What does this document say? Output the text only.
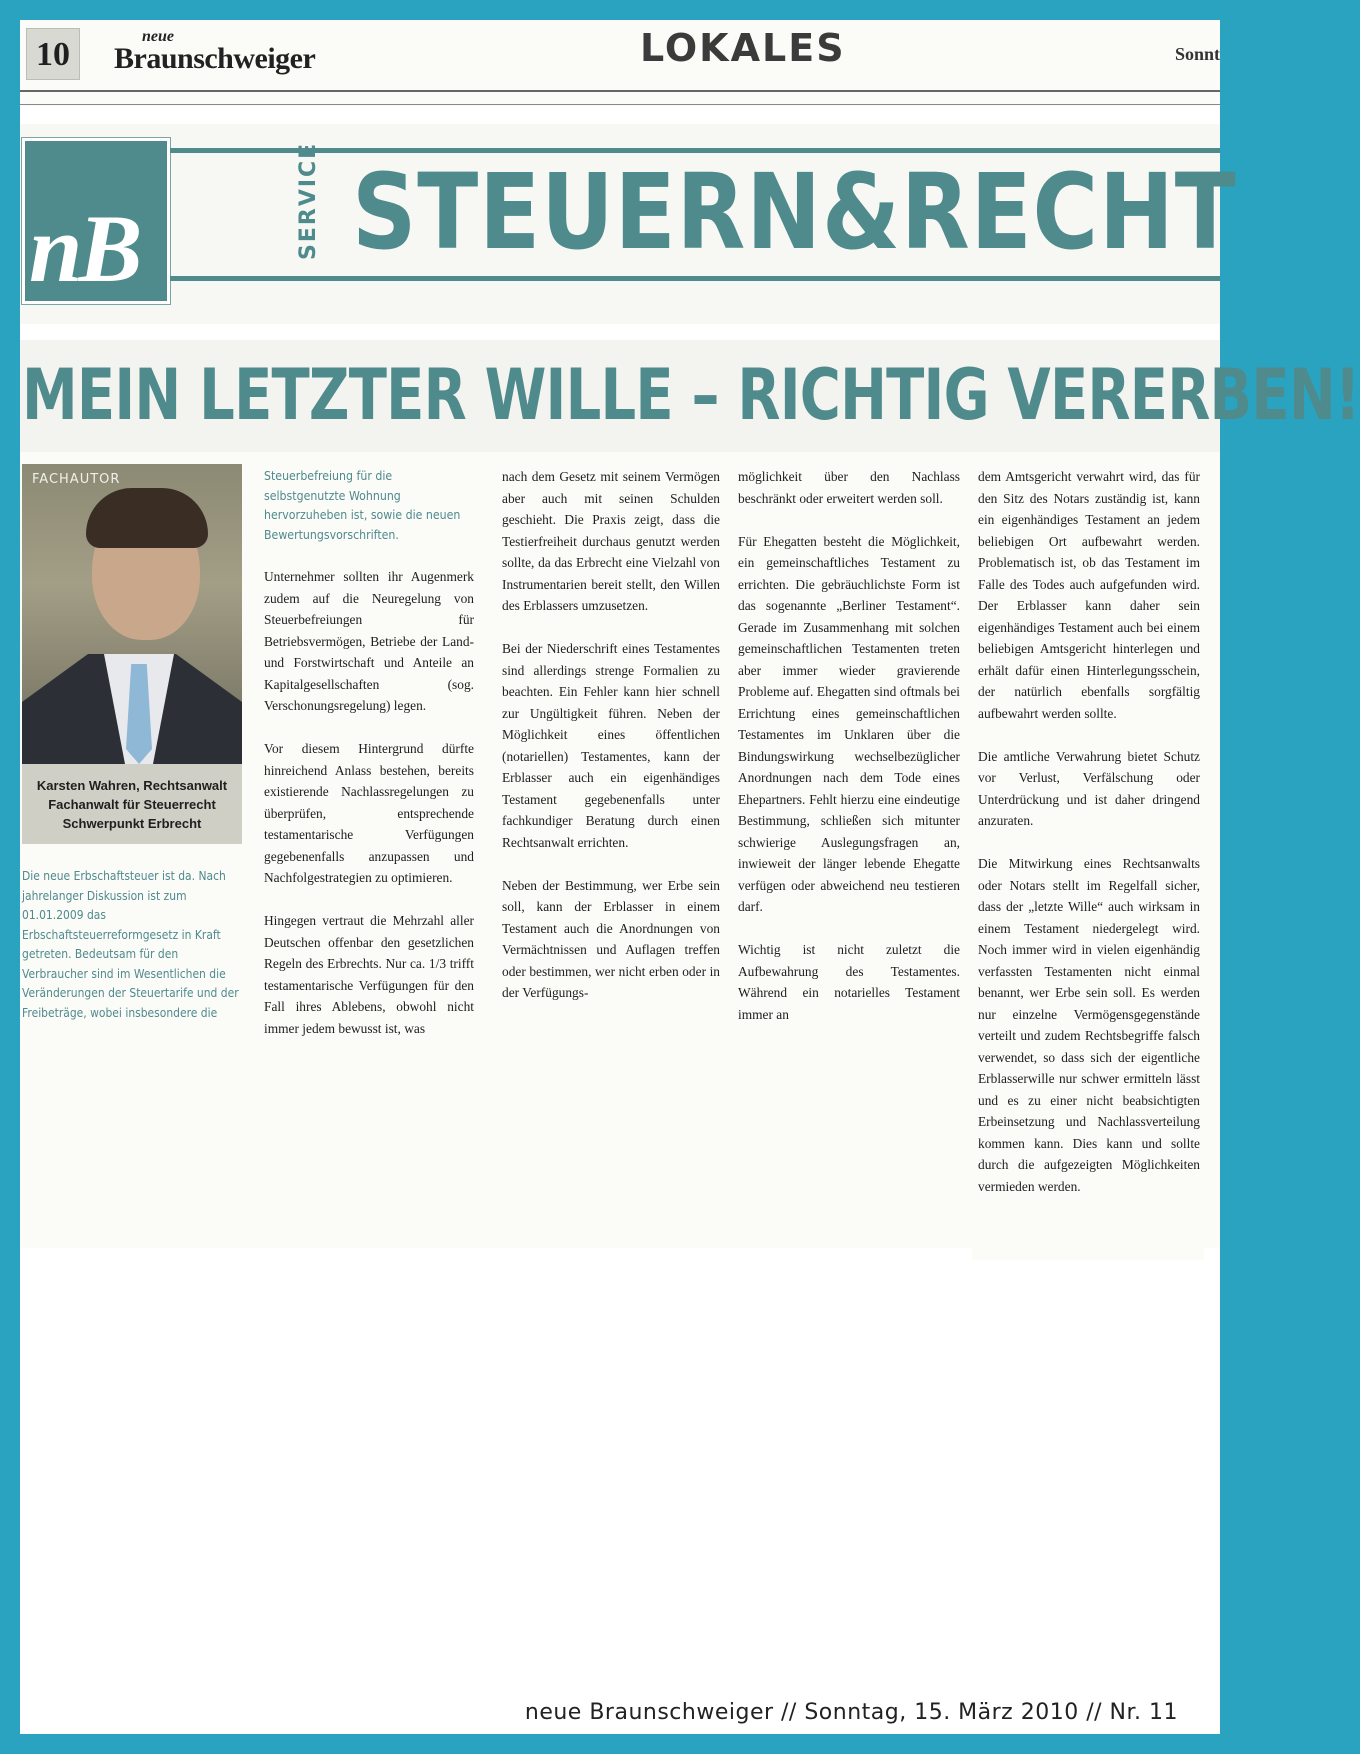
10	neue
Braunschweiger	LOKALES	Sonnt
nB	SERVICE STEUERN&RECHT
MEIN LETZTER WILLE – RICHTIG VERERBEN!
FACHAUTOR
Karsten Wahren, Rechtsanwalt
Fachanwalt für Steuerrecht
Schwerpunkt Erbrecht
Die neue Erbschaftsteuer ist da. Nach jahrelanger Diskussion ist zum 01.01.2009 das Erbschaftsteuerreformgesetz in Kraft getreten. Bedeutsam für den Verbraucher sind im Wesentlichen die Veränderungen der Steuertarife und der Freibeträge, wobei insbesondere die
Steuerbefreiung für die selbstgenutzte Wohnung hervorzuheben ist, sowie die neuen Bewertungsvorschriften.

Unternehmer sollten ihr Augenmerk zudem auf die Neuregelung von Steuerbefreiungen für Betriebsvermögen, Betriebe der Land- und Forstwirtschaft und Anteile an Kapitalgesellschaften (sog. Verschonungsregelung) legen.

Vor diesem Hintergrund dürfte hinreichend Anlass bestehen, bereits existierende Nachlassregelungen zu überprüfen, entsprechende testamentarische Verfügungen gegebenenfalls anzupassen und Nachfolgestrategien zu optimieren.

Hingegen vertraut die Mehrzahl aller Deutschen offenbar den gesetzlichen Regeln des Erbrechts. Nur ca. 1/3 trifft testamentarische Verfügungen für den Fall ihres Ablebens, obwohl nicht immer jedem bewusst ist, was

nach dem Gesetz mit seinem Vermögen aber auch mit seinen Schulden geschieht. Die Praxis zeigt, dass die Testierfreiheit durchaus genutzt werden sollte, da das Erbrecht eine Vielzahl von Instrumentarien bereit stellt, den Willen des Erblassers umzusetzen.

Bei der Niederschrift eines Testamentes sind allerdings strenge Formalien zu beachten. Ein Fehler kann hier schnell zur Ungültigkeit führen. Neben der Möglichkeit eines öffentlichen (notariellen) Testamentes, kann der Erblasser auch ein eigenhändiges Testament gegebenenfalls unter fachkundiger Beratung durch einen Rechtsanwalt errichten.

Neben der Bestimmung, wer Erbe sein soll, kann der Erblasser in einem Testament auch die Anordnungen von Vermächtnissen und Auflagen treffen oder bestimmen, wer nicht erben oder in der Verfügungs-

möglichkeit über den Nachlass beschränkt oder erweitert werden soll.

Für Ehegatten besteht die Möglichkeit, ein gemeinschaftliches Testament zu errichten. Die gebräuchlichste Form ist das sogenannte „Berliner Testament“. Gerade im Zusammenhang mit solchen gemeinschaftlichen Testamenten treten aber immer wieder gravierende Probleme auf. Ehegatten sind oftmals bei Errichtung eines gemeinschaftlichen Testamentes im Unklaren über die Bindungswirkung wechselbezüglicher Anordnungen nach dem Tode eines Ehepartners. Fehlt hierzu eine eindeutige Bestimmung, schließen sich mitunter schwierige Auslegungsfragen an, inwieweit der länger lebende Ehegatte verfügen oder abweichend neu testieren darf.

Wichtig ist nicht zuletzt die Aufbewahrung des Testamentes. Während ein notarielles Testament immer an

dem Amtsgericht verwahrt wird, das für den Sitz des Notars zuständig ist, kann ein eigenhändiges Testament an jedem beliebigen Ort aufbewahrt werden. Problematisch ist, ob das Testament im Falle des Todes auch aufgefunden wird. Der Erblasser kann daher sein eigenhändiges Testament auch bei einem beliebigen Amtsgericht hinterlegen und erhält dafür einen Hinterlegungsschein, der natürlich ebenfalls sorgfältig aufbewahrt werden sollte.

Die amtliche Verwahrung bietet Schutz vor Verlust, Verfälschung oder Unterdrückung und ist daher dringend anzuraten.

Die Mitwirkung eines Rechtsanwalts oder Notars stellt im Regelfall sicher, dass der „letzte Wille“ auch wirksam in einem Testament niedergelegt wird. Noch immer wird in vielen eigenhändig verfassten Testamenten nicht einmal benannt, wer Erbe sein soll. Es werden nur einzelne Vermögensgegenstände verteilt und zudem Rechtsbegriffe falsch verwendet, so dass sich der eigentliche Erblasserwille nur schwer ermitteln lässt und es zu einer nicht beabsichtigten Erbeinsetzung und Nachlassverteilung kommen kann. Dies kann und sollte durch die aufgezeigten Möglichkeiten vermieden werden.

neue Braunschweiger // Sonntag, 15. März 2010 // Nr. 11
